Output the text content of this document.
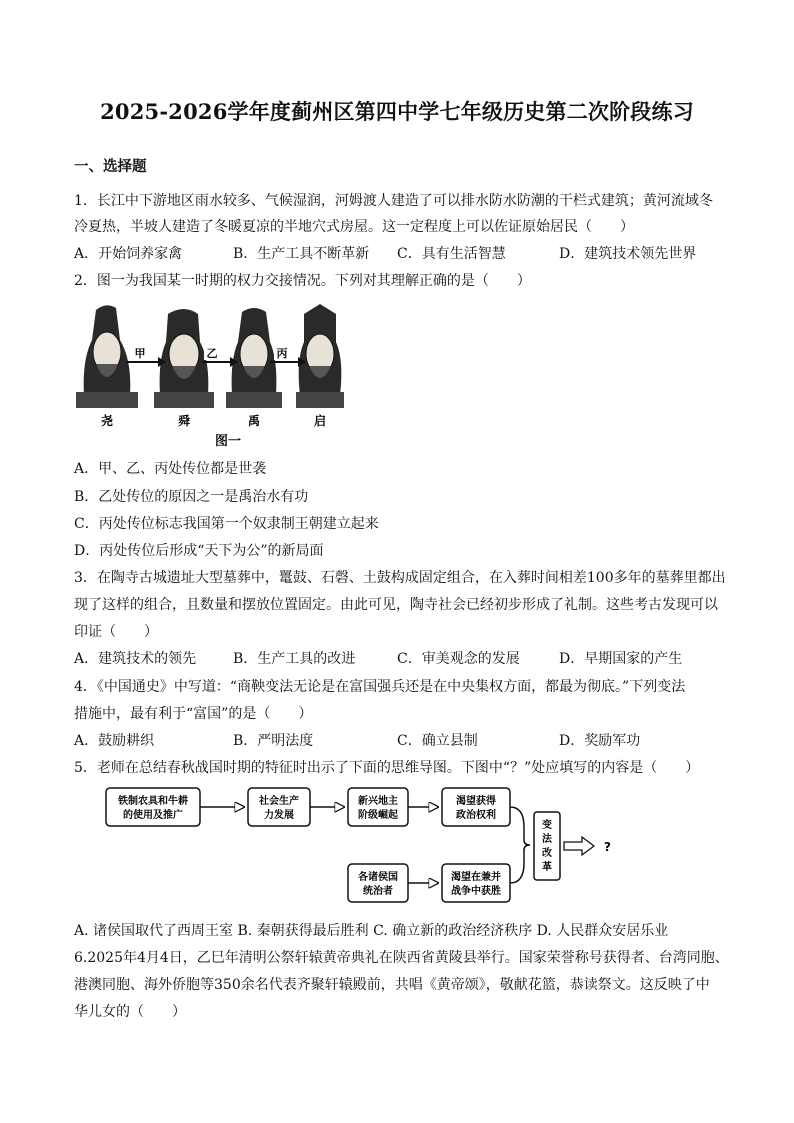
2025-2026学年度蓟州区第四中学七年级历史第二次阶段练习
一、选择题
1．长江中下游地区雨水较多、气候湿润，河姆渡人建造了可以排水防水防潮的干栏式建筑；黄河流域冬
冷夏热，半坡人建造了冬暖夏凉的半地穴式房屋。这一定程度上可以佐证原始居民（　　）
A．开始饲养家禽	B．生产工具不断革新 C．具有生活智慧	D．建筑技术领先世界
2．图一为我国某一时期的权力交接情况。下列对其理解正确的是（　　）
甲	乙	丙
尧	舜	禹	启
图一
A．甲、乙、丙处传位都是世袭
B．乙处传位的原因之一是禹治水有功
C．丙处传位标志我国第一个奴隶制王朝建立起来
D．丙处传位后形成“天下为公”的新局面
3．在陶寺古城遗址大型墓葬中，鼍鼓、石磬、土鼓构成固定组合，在入葬时间相差100多年的墓葬里都出
现了这样的组合，且数量和摆放位置固定。由此可见，陶寺社会已经初步形成了礼制。这些考古发现可以
印证（　　）
A．建筑技术的领先	B．生产工具的改进	C．审美观念的发展	D．早期国家的产生
4．《中国通史》中写道：“商鞅变法无论是在富国强兵还是在中央集权方面，都最为彻底。”下列变法
措施中，最有利于“富国”的是（　　）
A．鼓励耕织	B．严明法度	C．确立县制	D．奖励军功
5．老师在总结春秋战国时期的特征时出示了下面的思维导图。下图中“？”处应填写的内容是（　　）
铁制农具和牛耕
的使用及推广
社会生产
力发展
新兴地主
阶级崛起
渴望获得
政治权利
各诸侯国
统治者
渴望在兼并
战争中获胜
变
法
改
革
?
A. 诸侯国取代了西周王室 B. 秦朝获得最后胜利 C. 确立新的政治经济秩序 D. 人民群众安居乐业
6.2025年4月4日，乙巳年清明公祭轩辕黄帝典礼在陕西省黄陵县举行。国家荣誉称号获得者、台湾同胞、
港澳同胞、海外侨胞等350余名代表齐聚轩辕殿前，共唱《黄帝颂》，敬献花篮，恭读祭文。这反映了中
华儿女的（　　）
